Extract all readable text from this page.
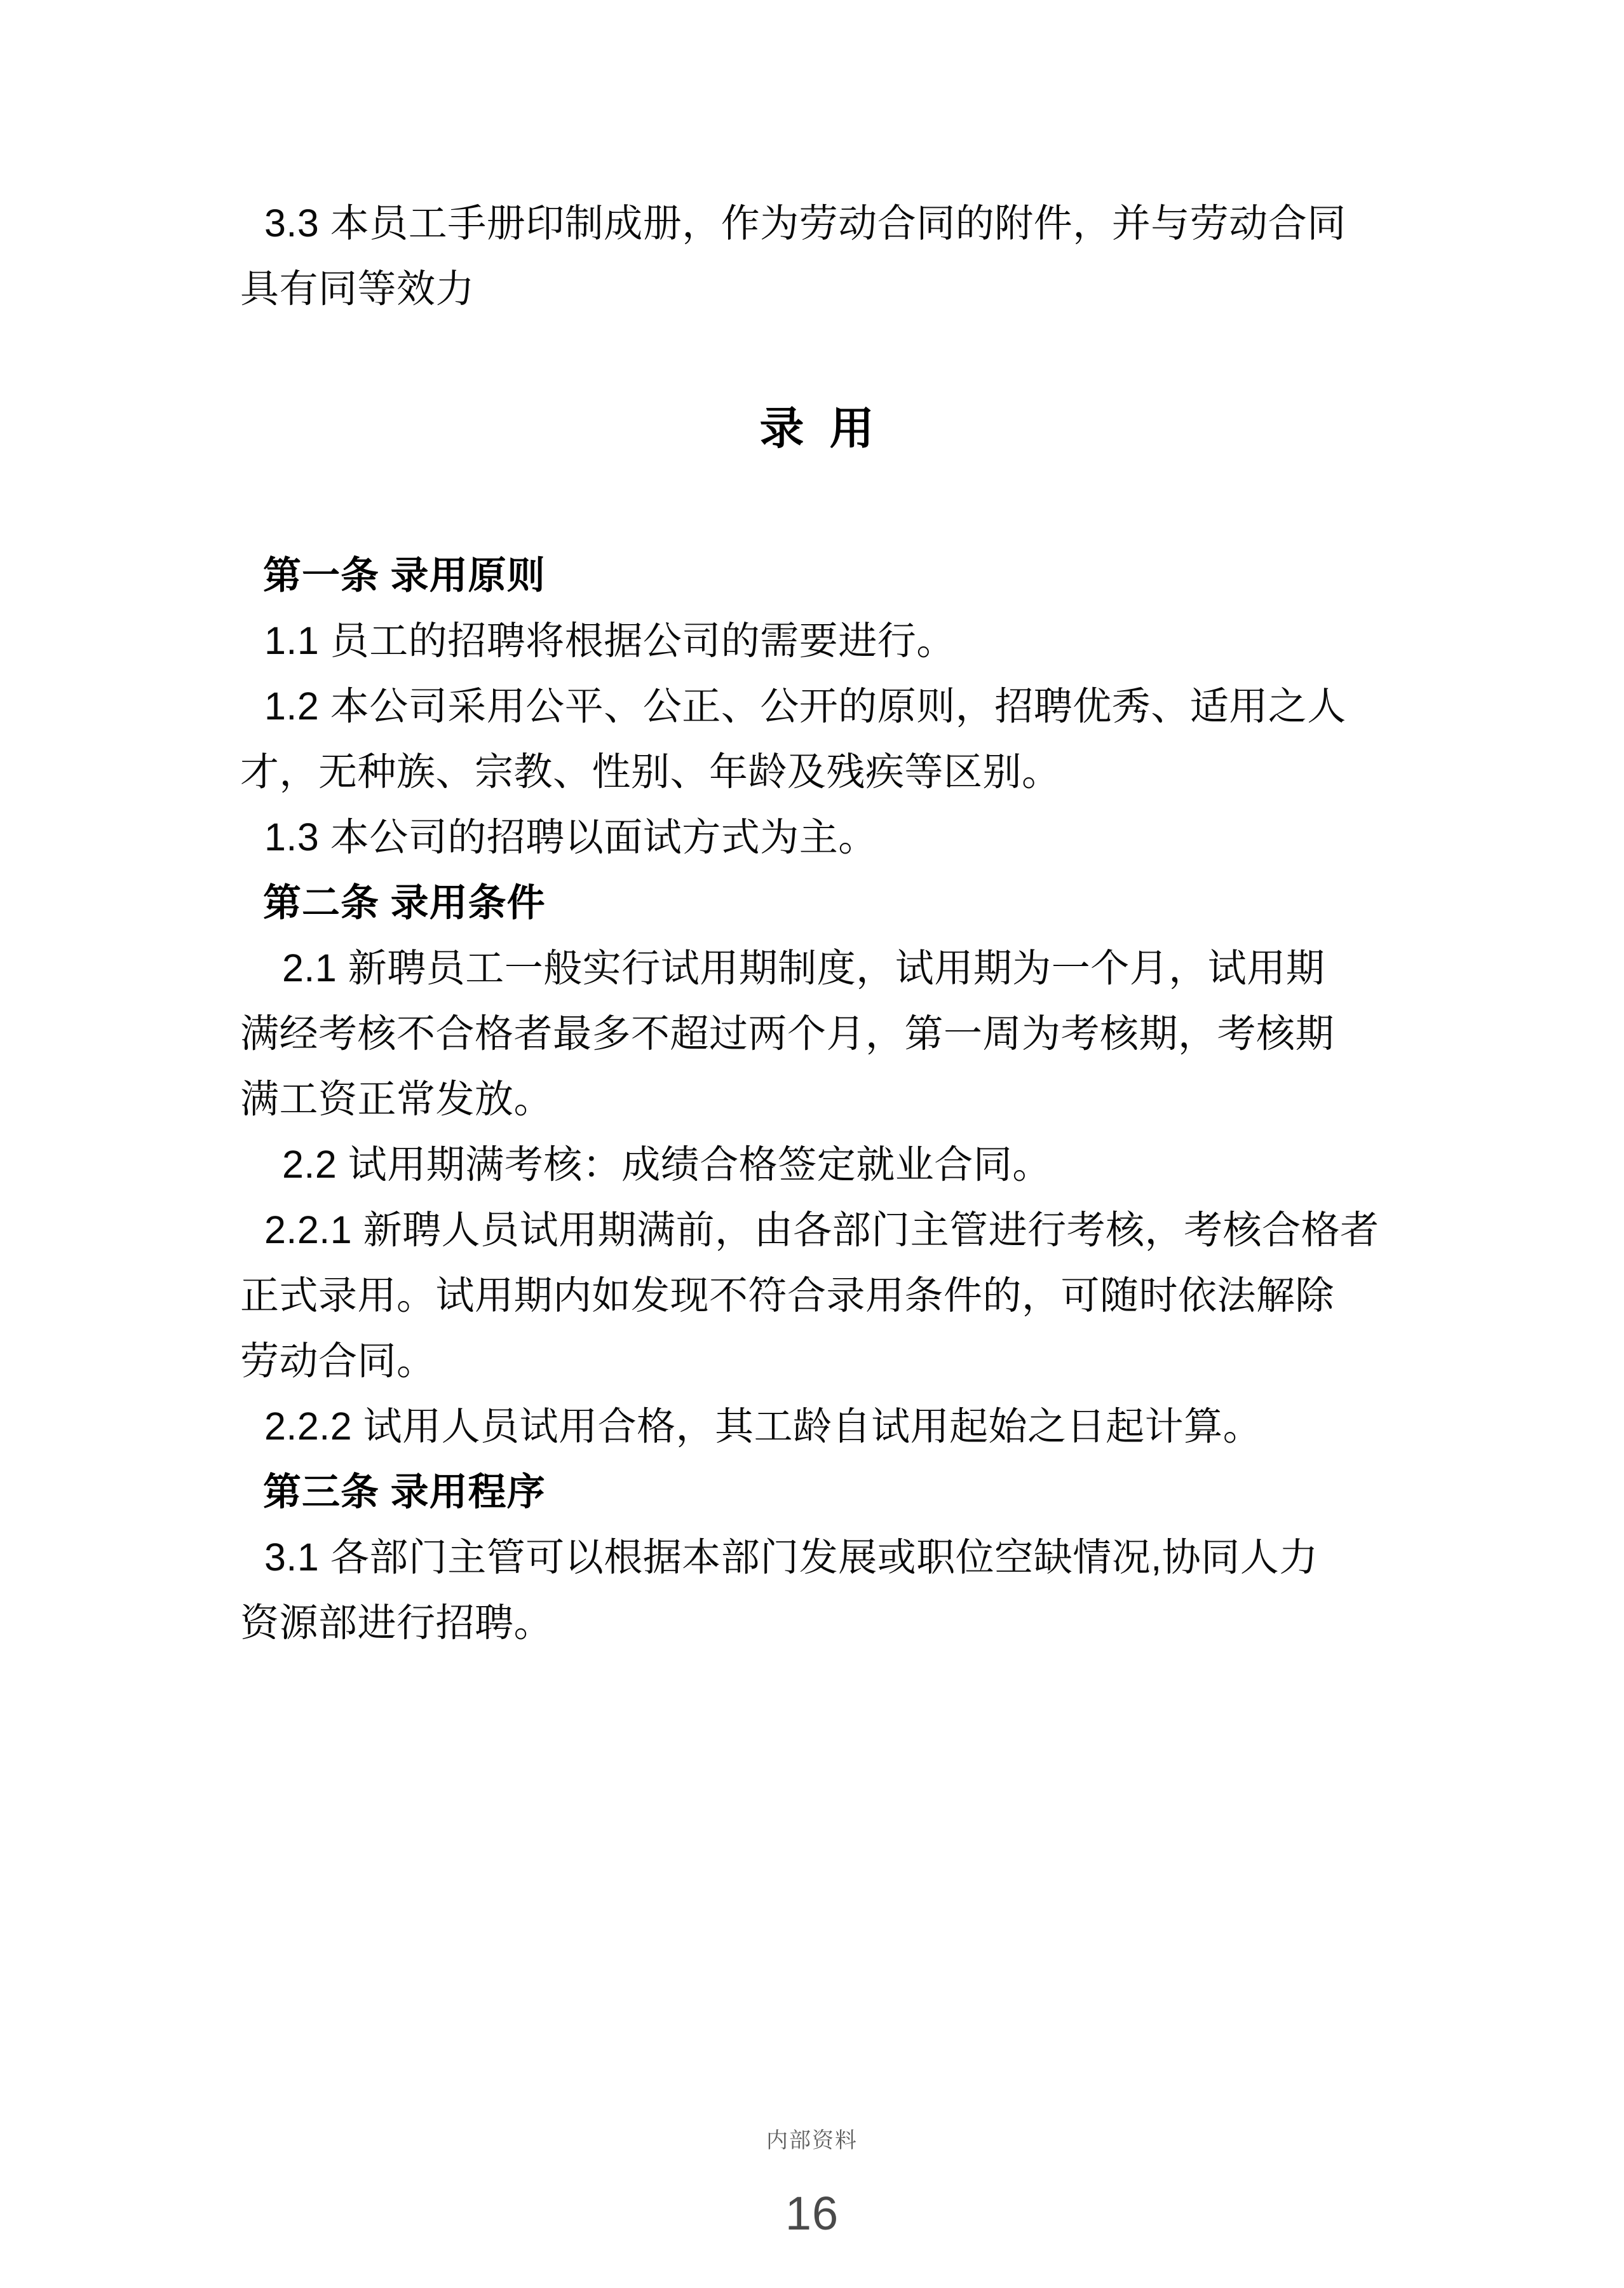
3.3 本员工手册印制成册，作为劳动合同的附件，并与劳动合同

具有同等效力

录用

第一条 录用原则

1.1 员工的招聘将根据公司的需要进行。

1.2 本公司采用公平、公正、公开的原则，招聘优秀、适用之人

才，无种族、宗教、性别、年龄及残疾等区别。

1.3 本公司的招聘以面试方式为主。

第二条 录用条件

2.1 新聘员工一般实行试用期制度，试用期为一个月，试用期

满经考核不合格者最多不超过两个月，第一周为考核期，考核期

满工资正常发放。

2.2 试用期满考核：成绩合格签定就业合同。

2.2.1 新聘人员试用期满前，由各部门主管进行考核，考核合格者

正式录用。试用期内如发现不符合录用条件的，可随时依法解除

劳动合同。

2.2.2 试用人员试用合格，其工龄自试用起始之日起计算。

第三条 录用程序

3.1 各部门主管可以根据本部门发展或职位空缺情况,协同人力

资源部进行招聘。

内部资料
16
